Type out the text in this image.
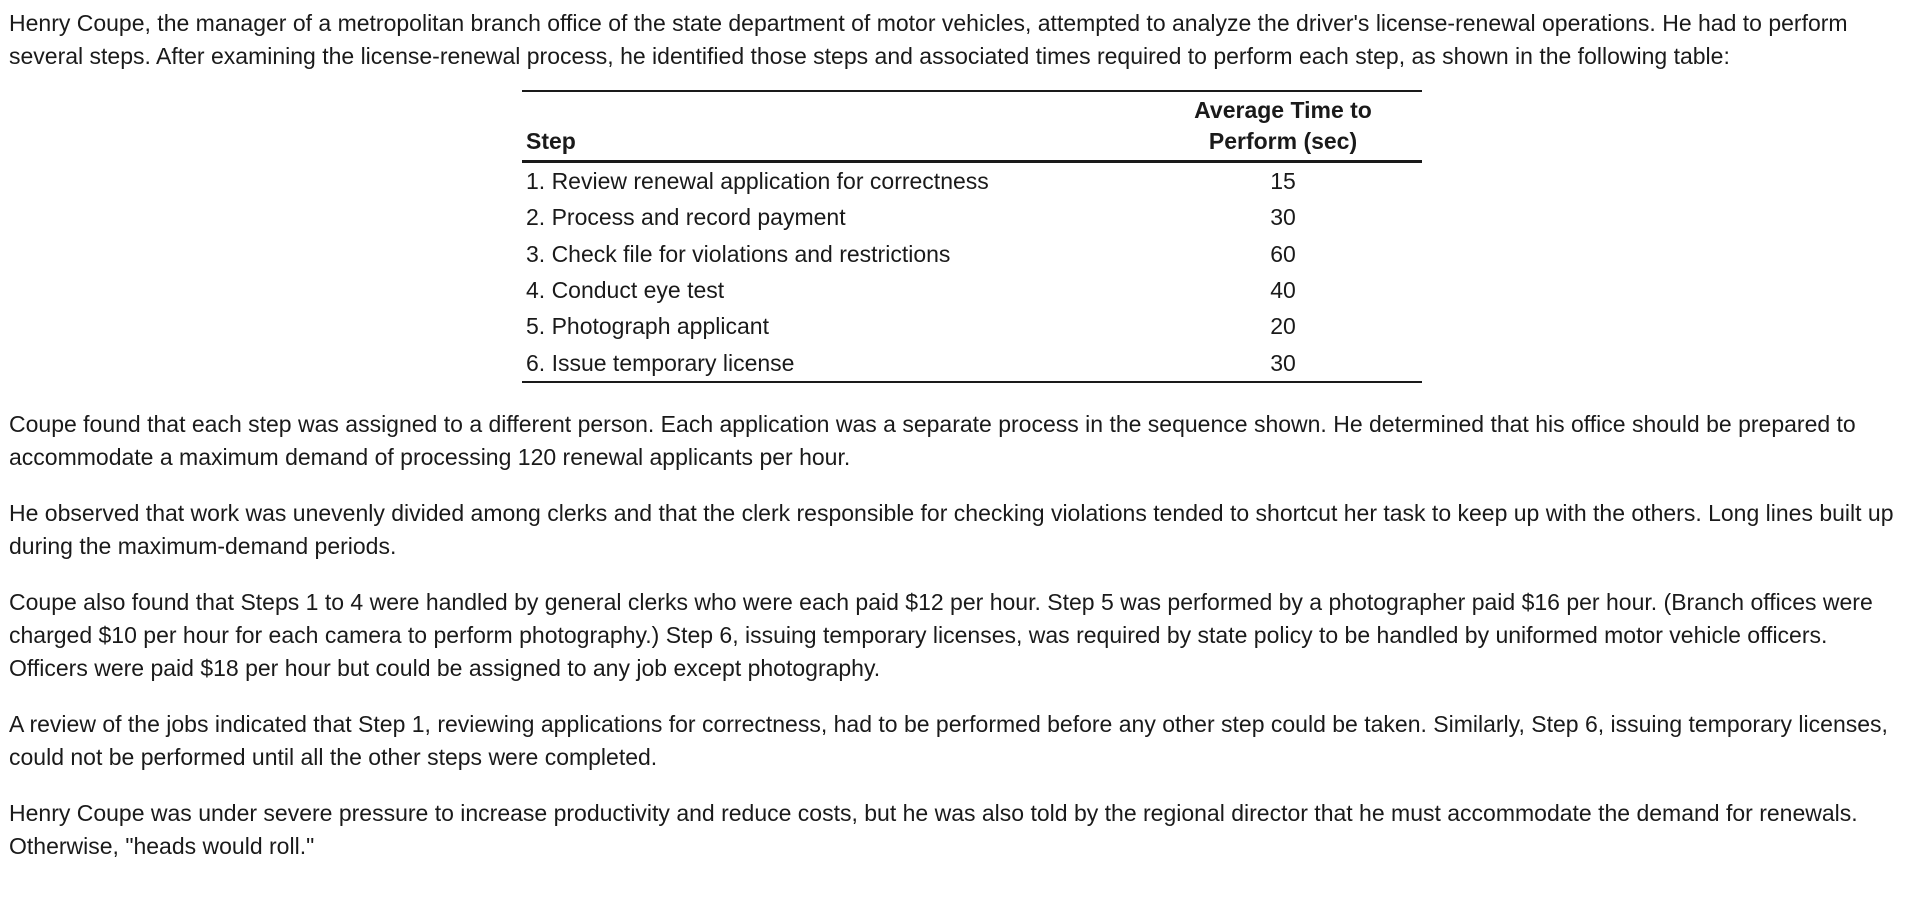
Henry Coupe, the manager of a metropolitan branch office of the state department of motor vehicles, attempted to analyze the driver's license-renewal operations. He had to perform several steps. After examining the license-renewal process, he identified those steps and associated times required to perform each step, as shown in the following table:

Step	Average Time to
Perform (sec)
1. Review renewal application for correctness	15
2. Process and record payment	30
3. Check file for violations and restrictions	60
4. Conduct eye test	40
5. Photograph applicant	20
6. Issue temporary license	30

Coupe found that each step was assigned to a different person. Each application was a separate process in the sequence shown. He determined that his office should be prepared to accommodate a maximum demand of processing 120 renewal applicants per hour.

He observed that work was unevenly divided among clerks and that the clerk responsible for checking violations tended to shortcut her task to keep up with the others. Long lines built up during the maximum-demand periods.

Coupe also found that Steps 1 to 4 were handled by general clerks who were each paid $12 per hour. Step 5 was performed by a photographer paid $16 per hour. (Branch offices were charged $10 per hour for each camera to perform photography.) Step 6, issuing temporary licenses, was required by state policy to be handled by uniformed motor vehicle officers. Officers were paid $18 per hour but could be assigned to any job except photography.

A review of the jobs indicated that Step 1, reviewing applications for correctness, had to be performed before any other step could be taken. Similarly, Step 6, issuing temporary licenses, could not be performed until all the other steps were completed.

Henry Coupe was under severe pressure to increase productivity and reduce costs, but he was also told by the regional director that he must accommodate the demand for renewals. Otherwise, "heads would roll."
